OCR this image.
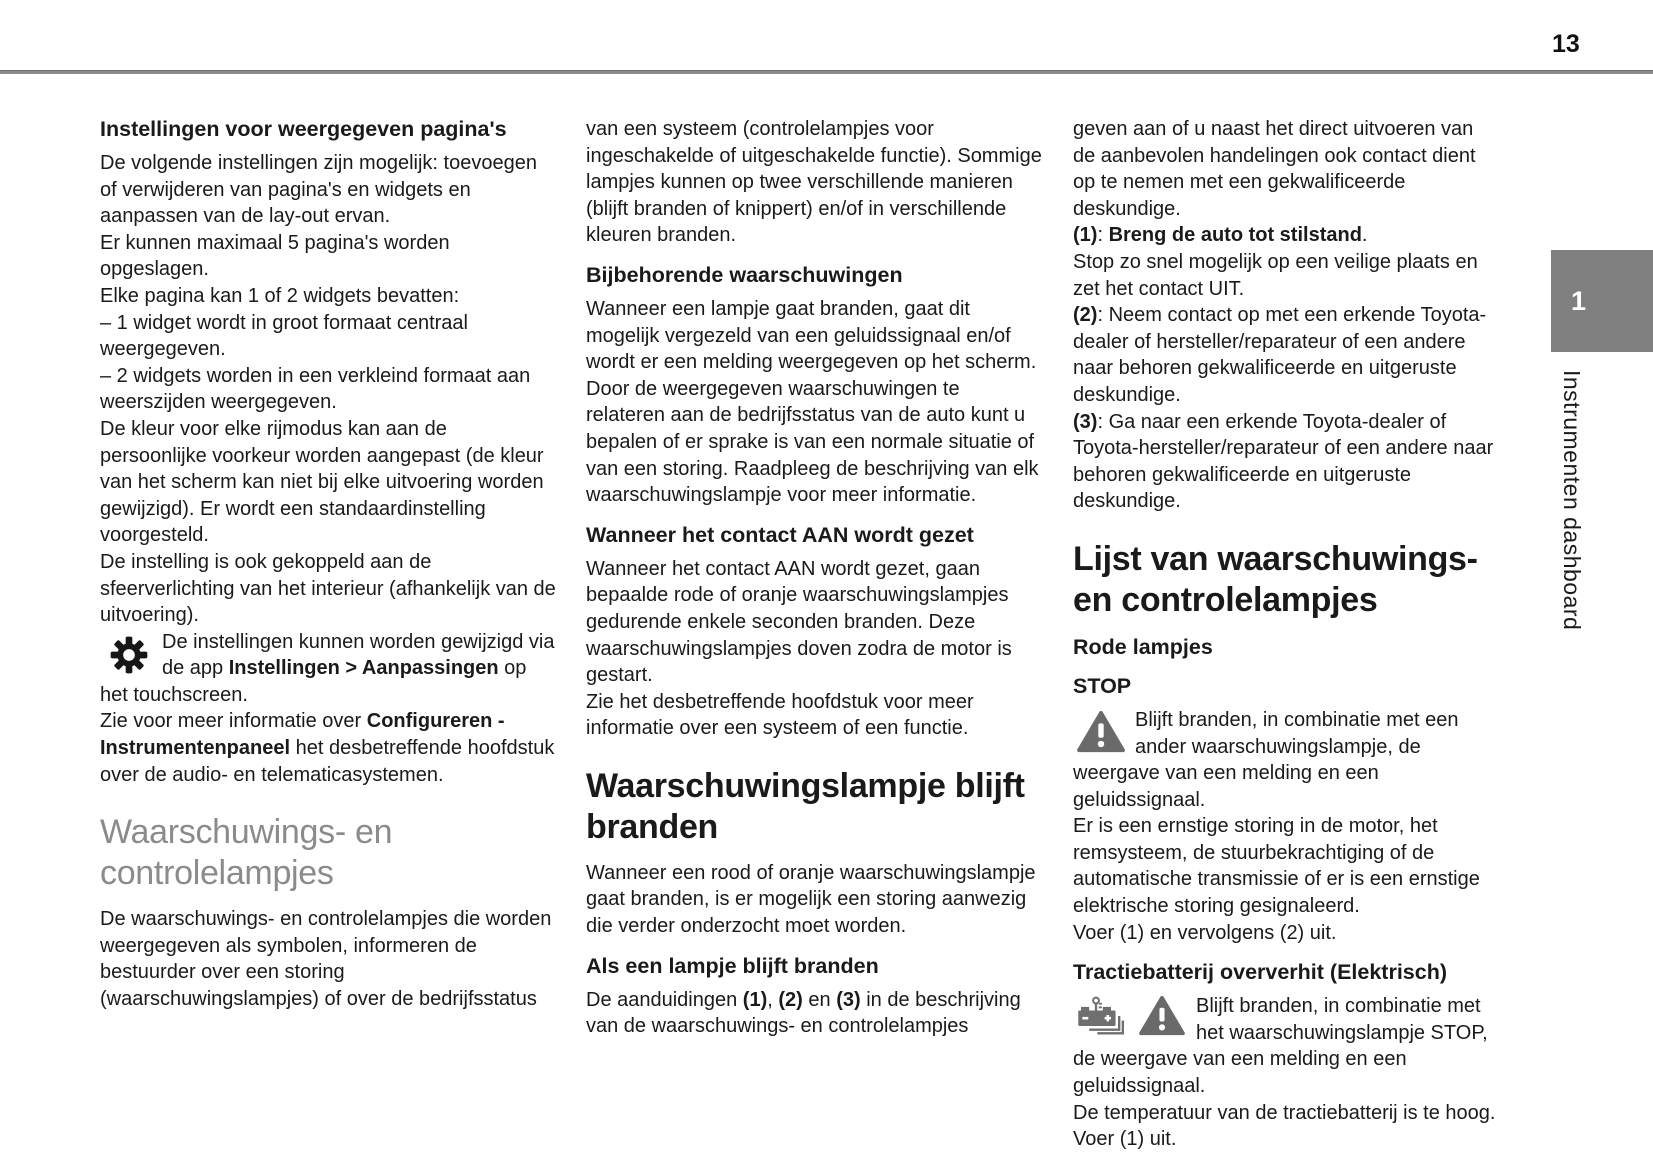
13
Instellingen voor weergegeven pagina's

De volgende instellingen zijn mogelijk: toevoegen of verwijderen van pagina's en widgets en aanpassen van de lay-out ervan.

Er kunnen maximaal 5 pagina's worden opgeslagen.

Elke pagina kan 1 of 2 widgets bevatten:

– 1 widget wordt in groot formaat centraal weergegeven.

– 2 widgets worden in een verkleind formaat aan weerszijden weergegeven.

De kleur voor elke rijmodus kan aan de persoonlijke voorkeur worden aangepast (de kleur van het scherm kan niet bij elke uitvoering worden gewijzigd). Er wordt een standaardinstelling voorgesteld.

De instelling is ook gekoppeld aan de sfeerverlichting van het interieur (afhankelijk van de uitvoering).

De instellingen kunnen worden gewijzigd via de app Instellingen > Aanpassingen op het touchscreen.

Zie voor meer informatie over Configureren - Instrumentenpaneel het desbetreffende hoofdstuk over de audio- en telematicasystemen.

Waarschuwings- en controlelampjes

De waarschuwings- en controlelampjes die worden weergegeven als symbolen, informeren de bestuurder over een storing (waarschuwingslampjes) of over de bedrijfsstatus

van een systeem (controlelampjes voor ingeschakelde of uitgeschakelde functie). Sommige lampjes kunnen op twee verschillende manieren (blijft branden of knippert) en/of in verschillende kleuren branden.

Bijbehorende waarschuwingen

Wanneer een lampje gaat branden, gaat dit mogelijk vergezeld van een geluidssignaal en/of wordt er een melding weergegeven op het scherm.

Door de weergegeven waarschuwingen te relateren aan de bedrijfsstatus van de auto kunt u bepalen of er sprake is van een normale situatie of van een storing. Raadpleeg de beschrijving van elk waarschuwingslampje voor meer informatie.

Wanneer het contact AAN wordt gezet

Wanneer het contact AAN wordt gezet, gaan bepaalde rode of oranje waarschuwingslampjes gedurende enkele seconden branden. Deze waarschuwingslampjes doven zodra de motor is gestart.

Zie het desbetreffende hoofdstuk voor meer informatie over een systeem of een functie.

Waarschuwingslampje blijft branden

Wanneer een rood of oranje waarschuwingslampje gaat branden, is er mogelijk een storing aanwezig die verder onderzocht moet worden.

Als een lampje blijft branden

De aanduidingen (1), (2) en (3) in de beschrijving van de waarschuwings- en controlelampjes

geven aan of u naast het direct uitvoeren van de aanbevolen handelingen ook contact dient op te nemen met een gekwalificeerde deskundige.

(1): Breng de auto tot stilstand.

Stop zo snel mogelijk op een veilige plaats en zet het contact UIT.

(2): Neem contact op met een erkende Toyota-dealer of hersteller/reparateur of een andere naar behoren gekwalificeerde en uitgeruste deskundige.

(3): Ga naar een erkende Toyota-dealer of Toyota-hersteller/reparateur of een andere naar behoren gekwalificeerde en uitgeruste deskundige.

Lijst van waarschuwings- en controlelampjes
Rode lampjes
STOP

Blijft branden, in combinatie met een ander waarschuwingslampje, de weergave van een melding en een geluidssignaal.

Er is een ernstige storing in de motor, het remsysteem, de stuurbekrachtiging of de automatische transmissie of er is een ernstige elektrische storing gesignaleerd.

Voer (1) en vervolgens (2) uit.

Tractiebatterij oververhit (Elektrisch)

Blijft branden, in combinatie met het waarschuwingslampje STOP, de weergave van een melding en een geluidssignaal.

De temperatuur van de tractiebatterij is te hoog.

Voer (1) uit.

1
Instrumenten dashboard
